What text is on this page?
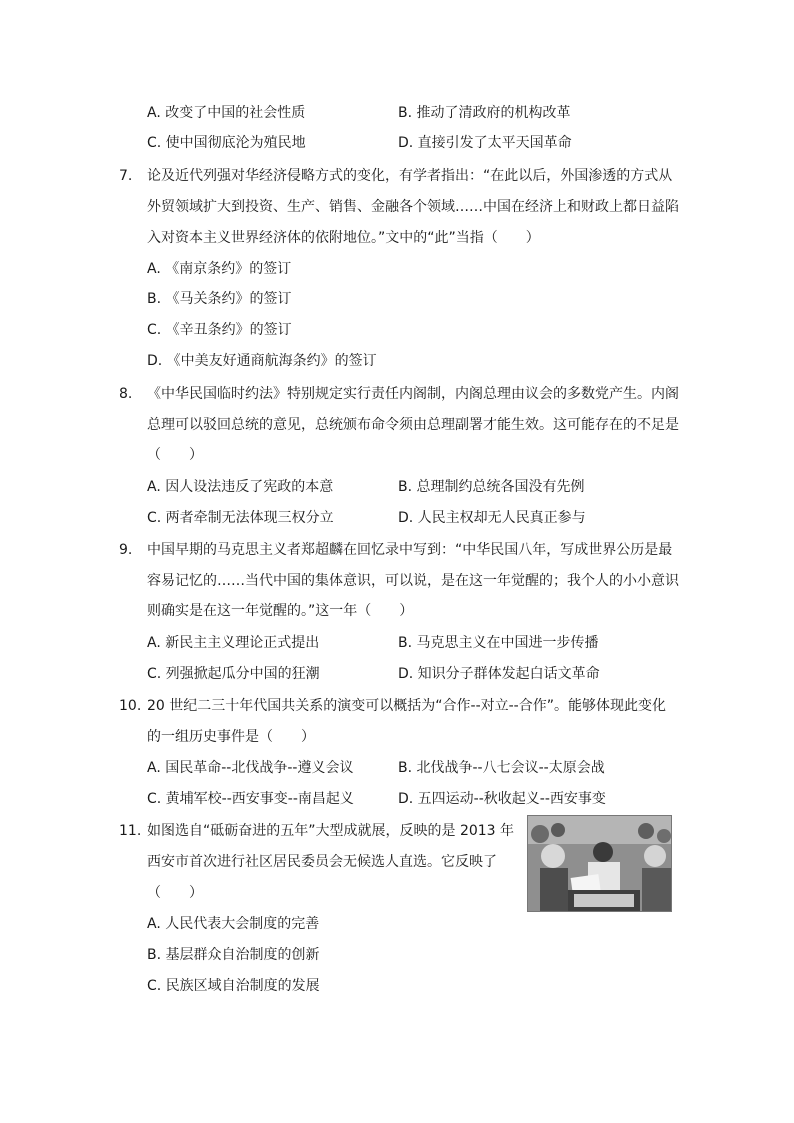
A. 改变了中国的社会性质	B. 推动了清政府的机构改革
C. 使中国彻底沦为殖民地	D. 直接引发了太平天国革命
7. 论及近代列强对华经济侵略方式的变化，有学者指出：“在此以后，外国渗透的方式从
外贸领域扩大到投资、生产、销售、金融各个领域……中国在经济上和财政上都日益陷
入对资本主义世界经济体的依附地位。”文中的“此”当指（　　）
A. 《南京条约》的签订
B. 《马关条约》的签订
C. 《辛丑条约》的签订
D. 《中美友好通商航海条约》的签订
8. 《中华民国临时约法》特别规定实行责任内阁制，内阁总理由议会的多数党产生。内阁
总理可以驳回总统的意见，总统颁布命令须由总理副署才能生效。这可能存在的不足是
（　　）
A. 因人设法违反了宪政的本意	B. 总理制约总统各国没有先例
C. 两者牵制无法体现三权分立	D. 人民主权却无人民真正参与
9. 中国早期的马克思主义者郑超麟在回忆录中写到：“中华民国八年，写成世界公历是最
容易记忆的……当代中国的集体意识，可以说，是在这一年觉醒的；我个人的小小意识
则确实是在这一年觉醒的。”这一年（　　）
A. 新民主主义理论正式提出	B. 马克思主义在中国进一步传播
C. 列强掀起瓜分中国的狂潮	D. 知识分子群体发起白话文革命
10. 20 世纪二三十年代国共关系的演变可以概括为“合作--对立--合作”。能够体现此变化
的一组历史事件是（　　）
A. 国民革命--北伐战争--遵义会议	B. 北伐战争--八七会议--太原会战
C. 黄埔军校--西安事变--南昌起义	D. 五四运动--秋收起义--西安事变
11. 如图选自“砥砺奋进的五年”大型成就展，反映的是 2013 年
西安市首次进行社区居民委员会无候选人直选。它反映了
（　　）
A. 人民代表大会制度的完善
B. 基层群众自治制度的创新
C. 民族区域自治制度的发展
